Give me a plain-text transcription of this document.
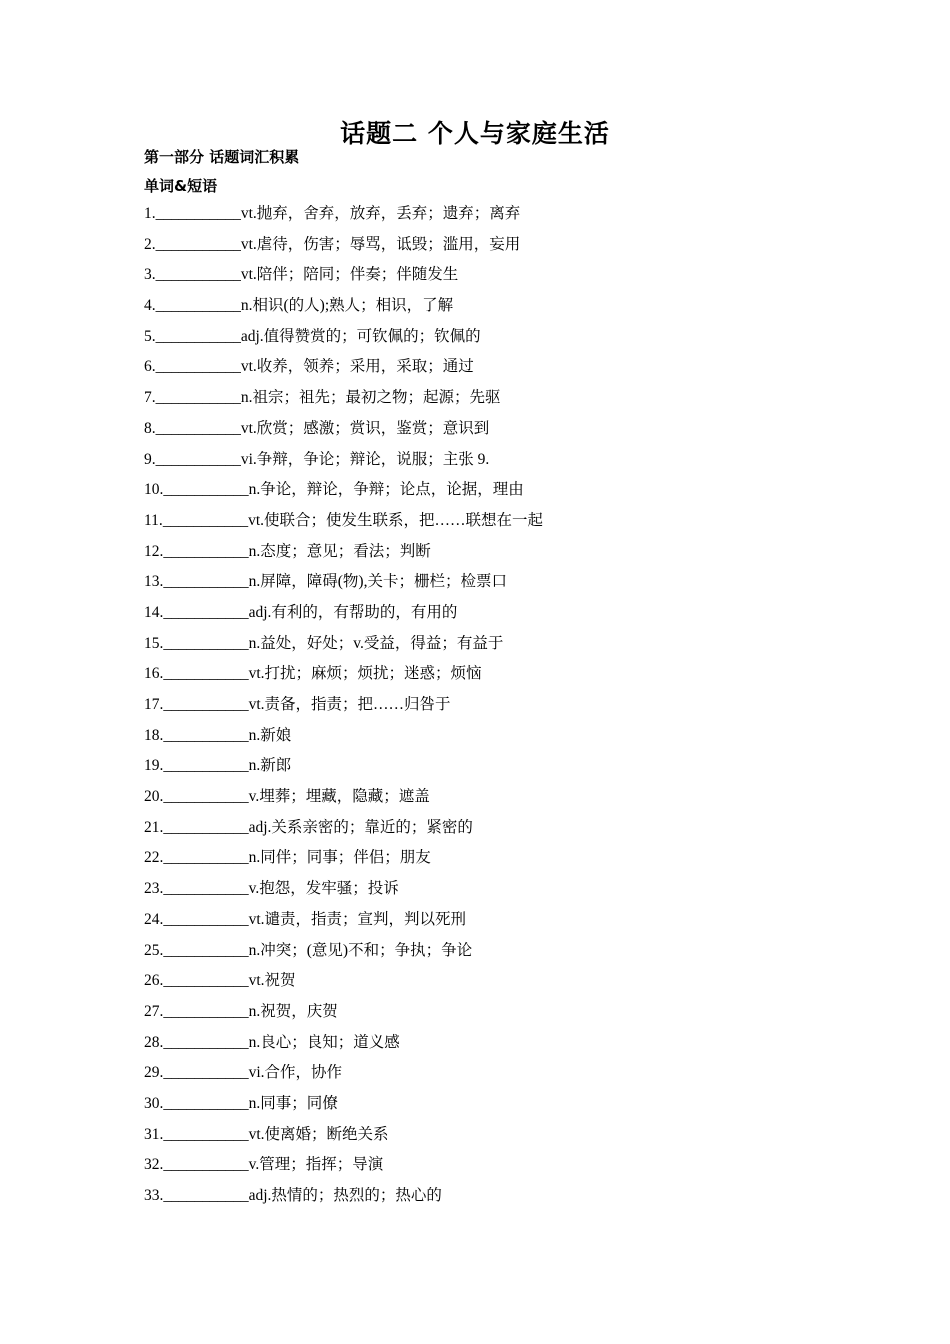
话题二 个人与家庭生活
第一部分 话题词汇积累
单词&短语
1.___________vt.抛弃，舍弃，放弃，丢弃；遗弃；离弃
2.___________vt.虐待，伤害；辱骂，诋毁；滥用，妄用
3.___________vt.陪伴；陪同；伴奏；伴随发生
4.___________n.相识(的人);熟人；相识，了解
5.___________adj.值得赞赏的；可钦佩的；钦佩的
6.___________vt.收养，领养；采用，采取；通过
7.___________n.祖宗；祖先；最初之物；起源；先驱
8.___________vt.欣赏；感激；赏识，鉴赏；意识到
9.___________vi.争辩，争论；辩论，说服；主张 9.
10.___________n.争论，辩论，争辩；论点，论据，理由
11.___________vt.使联合；使发生联系，把……联想在一起
12.___________n.态度；意见；看法；判断
13.___________n.屏障，障碍(物),关卡；栅栏；检票口
14.___________adj.有利的，有帮助的，有用的
15.___________n.益处，好处；v.受益，得益；有益于
16.___________vt.打扰；麻烦；烦扰；迷惑；烦恼
17.___________vt.责备，指责；把……归咎于
18.___________n.新娘
19.___________n.新郎
20.___________v.埋葬；埋藏，隐藏；遮盖
21.___________adj.关系亲密的；靠近的；紧密的
22.___________n.同伴；同事；伴侣；朋友
23.___________v.抱怨，发牢骚；投诉
24.___________vt.谴责，指责；宣判，判以死刑
25.___________n.冲突；(意见)不和；争执；争论
26.___________vt.祝贺
27.___________n.祝贺，庆贺
28.___________n.良心；良知；道义感
29.___________vi.合作，协作
30.___________n.同事；同僚
31.___________vt.使离婚；断绝关系
32.___________v.管理；指挥；导演
33.___________adj.热情的；热烈的；热心的
